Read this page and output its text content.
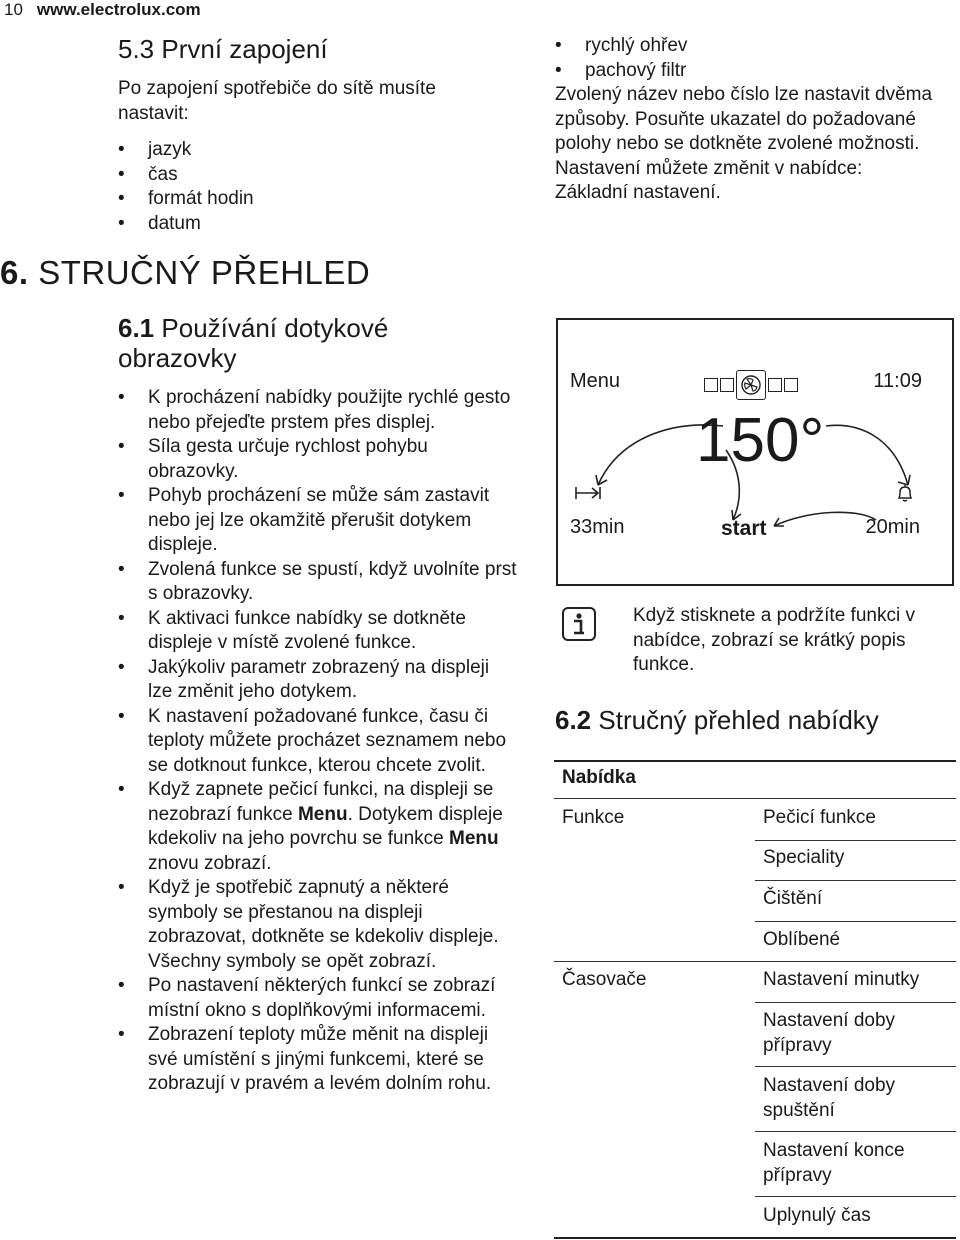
10 www.electrolux.com
5.3 První zapojení
Po zapojení spotřebiče do sítě musíte nastavit:
• jazyk
• čas
• formát hodin
• datum
6. STRUČNÝ PŘEHLED
6.1 Používání dotykové obrazovky
• K procházení nabídky použijte rychlé gesto nebo přejeďte prstem přes displej.
• Síla gesta určuje rychlost pohybu obrazovky.
• Pohyb procházení se může sám zastavit nebo jej lze okamžitě přerušit dotykem displeje.
• Zvolená funkce se spustí, když uvolníte prst s obrazovky.
• K aktivaci funkce nabídky se dotkněte displeje v místě zvolené funkce.
• Jakýkoliv parametr zobrazený na displeji lze změnit jeho dotykem.
• K nastavení požadované funkce, času či teploty můžete procházet seznamem nebo se dotknout funkce, kterou chcete zvolit.
• Když zapnete pečicí funkci, na displeji se nezobrazí funkce Menu. Dotykem displeje kdekoliv na jeho povrchu se funkce Menu znovu zobrazí.
• Když je spotřebič zapnutý a některé symboly se přestanou na displeji zobrazovat, dotkněte se kdekoliv displeje. Všechny symboly se opět zobrazí.
• Po nastavení některých funkcí se zobrazí místní okno s doplňkovými informacemi.
• Zobrazení teploty může měnit na displeji své umístění s jinými funkcemi, které se zobrazují v pravém a levém dolním rohu.
• rychlý ohřev
• pachový filtr
Zvolený název nebo číslo lze nastavit dvěma způsoby. Posuňte ukazatel do požadované polohy nebo se dotkněte zvolené možnosti. Nastavení můžete změnit v nabídce: Základní nastavení.
Menu	11:09
150°
33min	start	20min
Když stisknete a podržíte funkci v nabídce, zobrazí se krátký popis funkce.
6.2 Stručný přehled nabídky
Nabídka
Funkce	Pečicí funkce
Speciality
Čištění
Oblíbené
Časovače	Nastavení minutky
Nastavení doby přípravy
Nastavení doby spuštění
Nastavení konce přípravy
Uplynulý čas
